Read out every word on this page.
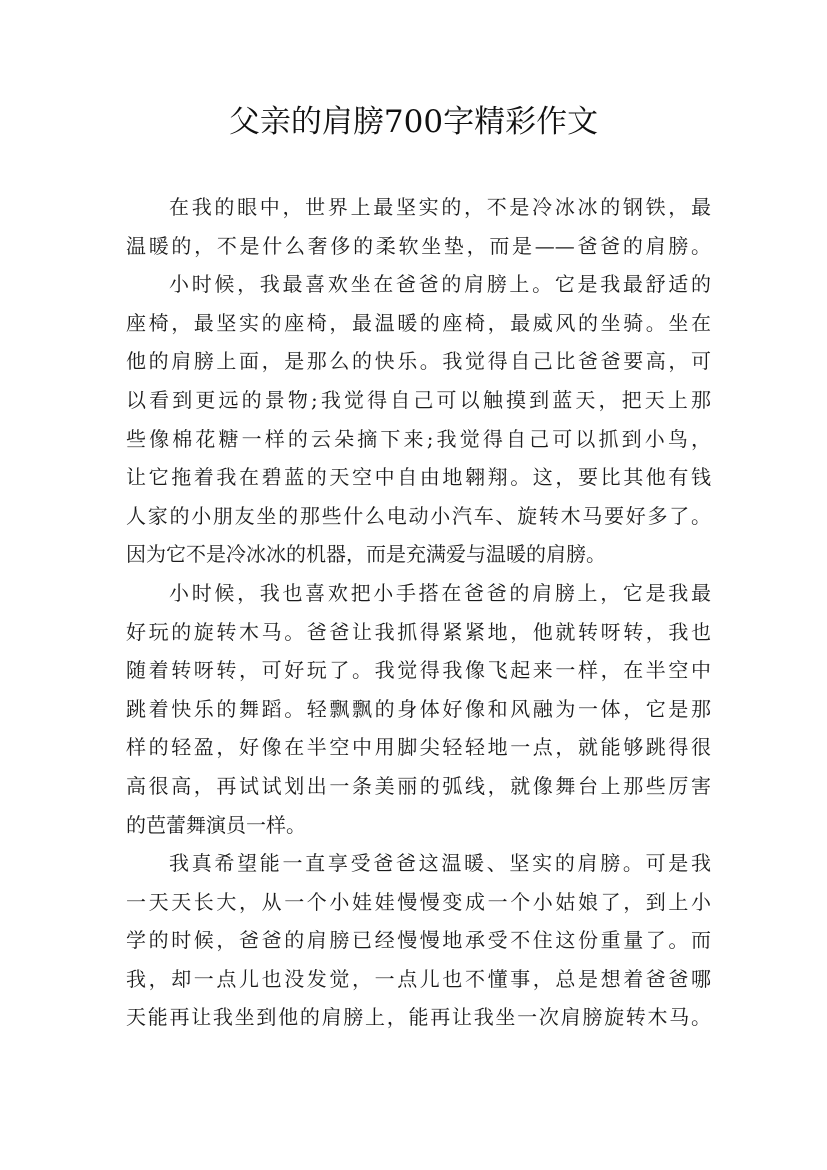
父亲的肩膀700字精彩作文
在我的眼中，世界上最坚实的，不是冷冰冰的钢铁，最
温暖的，不是什么奢侈的柔软坐垫，而是——爸爸的肩膀。
小时候，我最喜欢坐在爸爸的肩膀上。它是我最舒适的
座椅，最坚实的座椅，最温暖的座椅，最威风的坐骑。坐在
他的肩膀上面，是那么的快乐。我觉得自己比爸爸要高，可
以看到更远的景物;我觉得自己可以触摸到蓝天，把天上那
些像棉花糖一样的云朵摘下来;我觉得自己可以抓到小鸟，
让它拖着我在碧蓝的天空中自由地翱翔。这，要比其他有钱
人家的小朋友坐的那些什么电动小汽车、旋转木马要好多了。
因为它不是冷冰冰的机器，而是充满爱与温暖的肩膀。
小时候，我也喜欢把小手搭在爸爸的肩膀上，它是我最
好玩的旋转木马。爸爸让我抓得紧紧地，他就转呀转，我也
随着转呀转，可好玩了。我觉得我像飞起来一样，在半空中
跳着快乐的舞蹈。轻飘飘的身体好像和风融为一体，它是那
样的轻盈，好像在半空中用脚尖轻轻地一点，就能够跳得很
高很高，再试试划出一条美丽的弧线，就像舞台上那些厉害
的芭蕾舞演员一样。
我真希望能一直享受爸爸这温暖、坚实的肩膀。可是我
一天天长大，从一个小娃娃慢慢变成一个小姑娘了，到上小
学的时候，爸爸的肩膀已经慢慢地承受不住这份重量了。而
我，却一点儿也没发觉，一点儿也不懂事，总是想着爸爸哪
天能再让我坐到他的肩膀上，能再让我坐一次肩膀旋转木马。
